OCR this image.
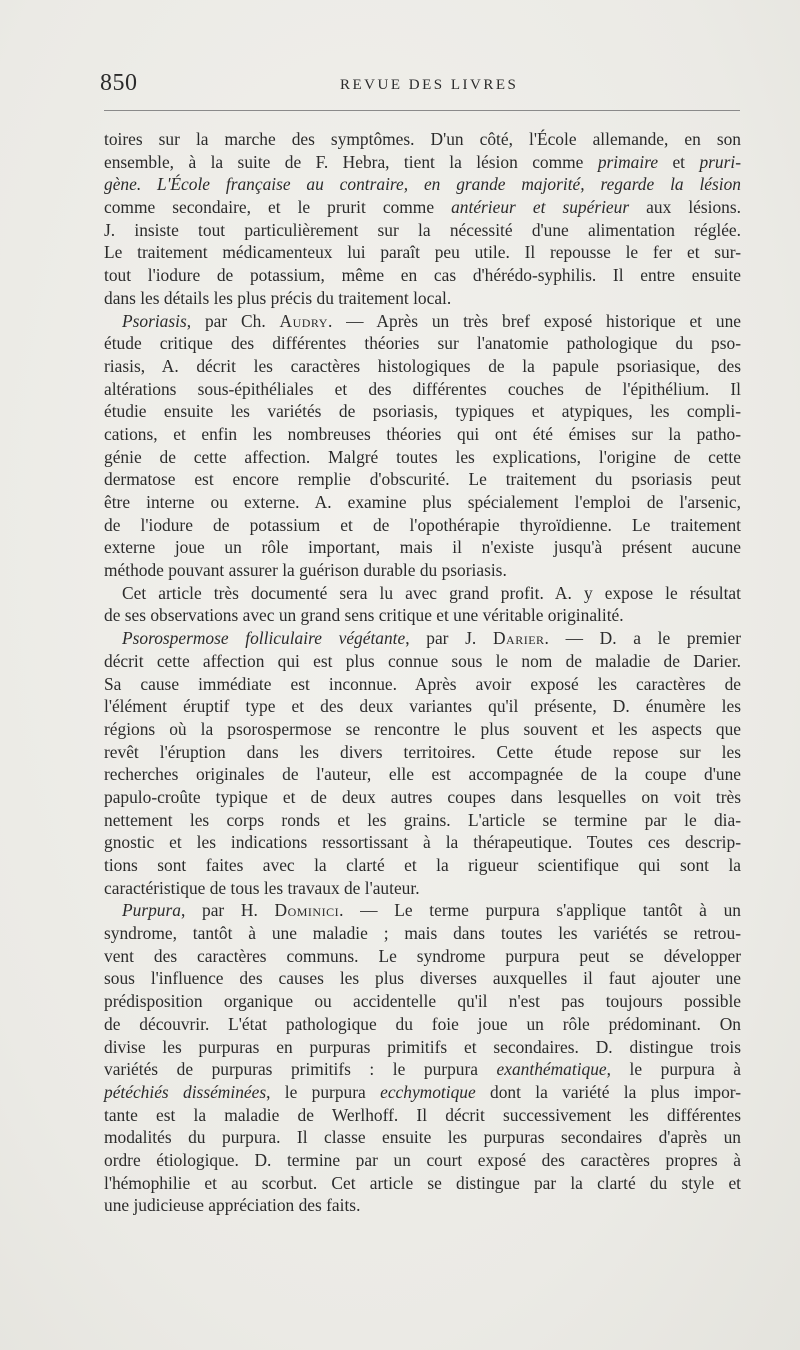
850	REVUE DES LIVRES
toires sur la marche des symptômes. D'un côté, l'École allemande, en son
ensemble, à la suite de F. Hebra, tient la lésion comme primaire et pruri-
gène. L'École française au contraire, en grande majorité, regarde la lésion
comme secondaire, et le prurit comme antérieur et supérieur aux lésions.
J. insiste tout particulièrement sur la nécessité d'une alimentation réglée.
Le traitement médicamenteux lui paraît peu utile. Il repousse le fer et sur-
tout l'iodure de potassium, même en cas d'hérédo-syphilis. Il entre ensuite
dans les détails les plus précis du traitement local.
Psoriasis, par Ch. Audry. — Après un très bref exposé historique et une
étude critique des différentes théories sur l'anatomie pathologique du pso-
riasis, A. décrit les caractères histologiques de la papule psoriasique, des
altérations sous-épithéliales et des différentes couches de l'épithélium. Il
étudie ensuite les variétés de psoriasis, typiques et atypiques, les compli-
cations, et enfin les nombreuses théories qui ont été émises sur la patho-
génie de cette affection. Malgré toutes les explications, l'origine de cette
dermatose est encore remplie d'obscurité. Le traitement du psoriasis peut
être interne ou externe. A. examine plus spécialement l'emploi de l'arsenic,
de l'iodure de potassium et de l'opothérapie thyroïdienne. Le traitement
externe joue un rôle important, mais il n'existe jusqu'à présent aucune
méthode pouvant assurer la guérison durable du psoriasis.
Cet article très documenté sera lu avec grand profit. A. y expose le résultat
de ses observations avec un grand sens critique et une véritable originalité.
Psorospermose folliculaire végétante, par J. Darier. — D. a le premier
décrit cette affection qui est plus connue sous le nom de maladie de Darier.
Sa cause immédiate est inconnue. Après avoir exposé les caractères de
l'élément éruptif type et des deux variantes qu'il présente, D. énumère les
régions où la psorospermose se rencontre le plus souvent et les aspects que
revêt l'éruption dans les divers territoires. Cette étude repose sur les
recherches originales de l'auteur, elle est accompagnée de la coupe d'une
papulo-croûte typique et de deux autres coupes dans lesquelles on voit très
nettement les corps ronds et les grains. L'article se termine par le dia-
gnostic et les indications ressortissant à la thérapeutique. Toutes ces descrip-
tions sont faites avec la clarté et la rigueur scientifique qui sont la
caractéristique de tous les travaux de l'auteur.
Purpura, par H. Dominici. — Le terme purpura s'applique tantôt à un
syndrome, tantôt à une maladie ; mais dans toutes les variétés se retrou-
vent des caractères communs. Le syndrome purpura peut se développer
sous l'influence des causes les plus diverses auxquelles il faut ajouter une
prédisposition organique ou accidentelle qu'il n'est pas toujours possible
de découvrir. L'état pathologique du foie joue un rôle prédominant. On
divise les purpuras en purpuras primitifs et secondaires. D. distingue trois
variétés de purpuras primitifs : le purpura exanthématique, le purpura à
pétéchiés disséminées, le purpura ecchymotique dont la variété la plus impor-
tante est la maladie de Werlhoff. Il décrit successivement les différentes
modalités du purpura. Il classe ensuite les purpuras secondaires d'après un
ordre étiologique. D. termine par un court exposé des caractères propres à
l'hémophilie et au scorbut. Cet article se distingue par la clarté du style et
une judicieuse appréciation des faits.
